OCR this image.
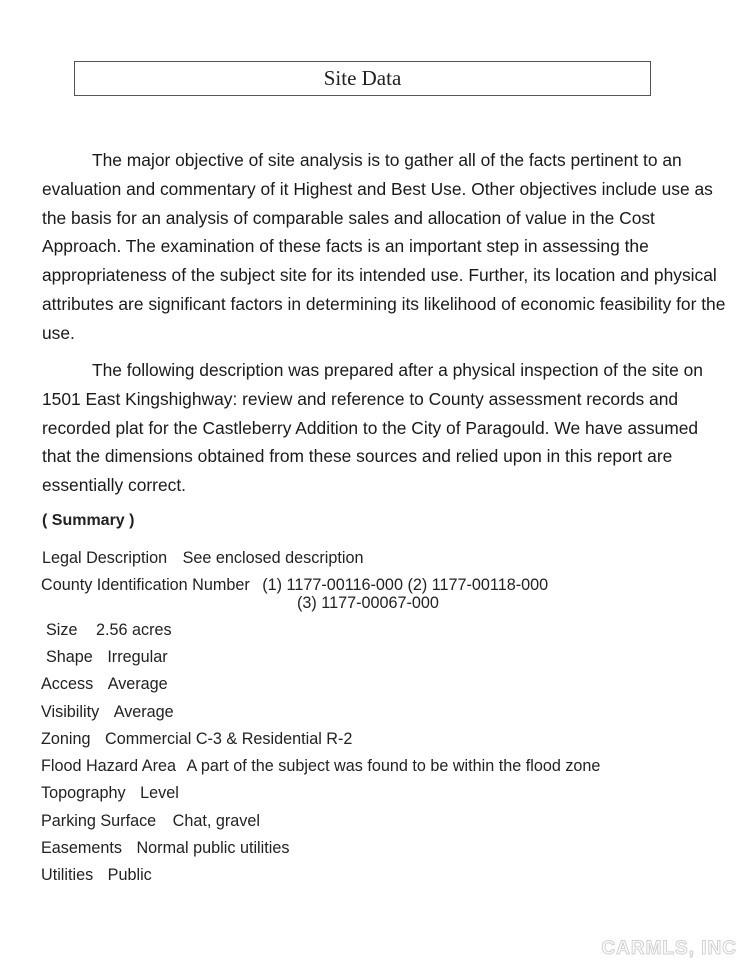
Site Data
The major objective of site analysis is to gather all of the facts pertinent to an
evaluation and commentary of it Highest and Best Use. Other objectives include use as
the basis for an analysis of comparable sales and allocation of value in the Cost
Approach. The examination of these facts is an important step in assessing the
appropriateness of the subject site for its intended use. Further, its location and physical
attributes are significant factors in determining its likelihood of economic feasibility for the
use.
The following description was prepared after a physical inspection of the site on
1501 East Kingshighway: review and reference to County assessment records and
recorded plat for the Castleberry Addition to the City of Paragould. We have assumed
that the dimensions obtained from these sources and relied upon in this report are
essentially correct.
( Summary )
Legal Description See enclosed description
County Identification Number (1) 1177-00116-000 (2) 1177-00118-000
(3) 1177-00067-000
Size 2.56 acres
Shape Irregular
Access Average
Visibility Average
Zoning Commercial C-3 & Residential R-2
Flood Hazard Area A part of the subject was found to be within the flood zone
Topography Level
Parking Surface Chat, gravel
Easements Normal public utilities
Utilities Public
CARMLS, INC
